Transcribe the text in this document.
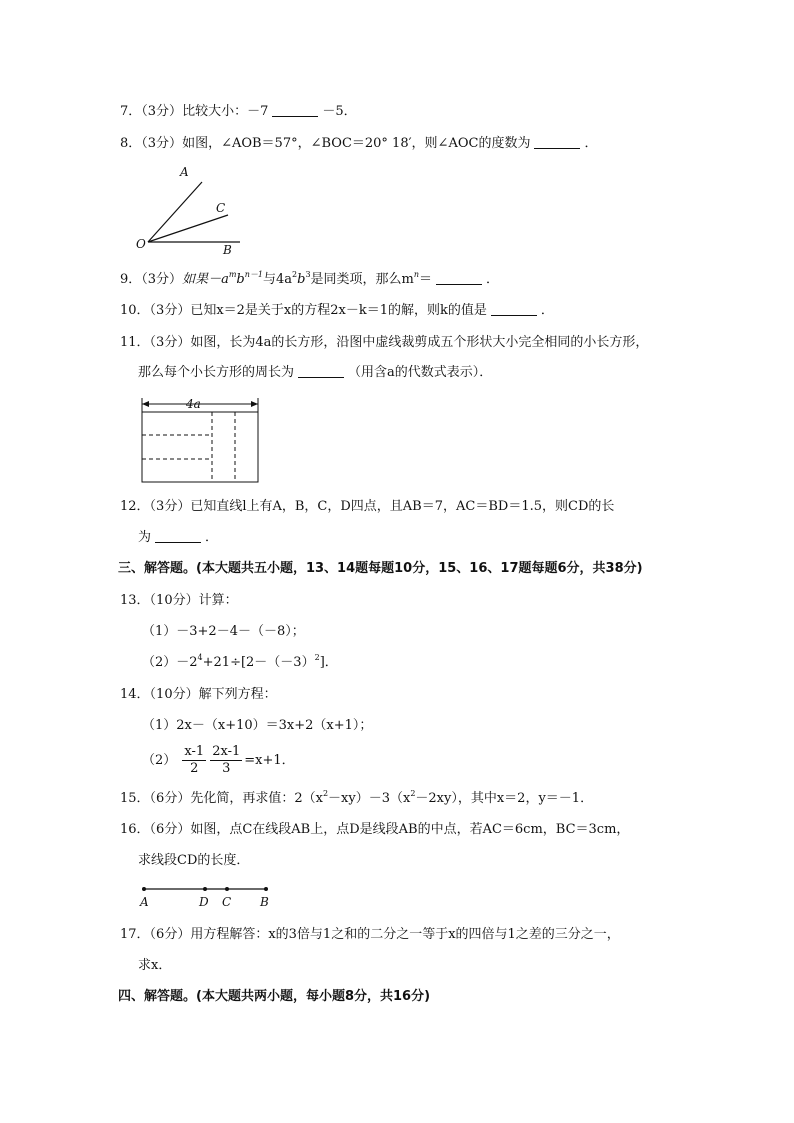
7．（3分）比较大小：－7	－5．
8．（3分）如图，∠AOB＝57°，∠BOC＝20° 18′，则∠AOC的度数为	．
A
C
O	B
9．（3分）如果$-a^mb^{n-1}$与$4a^2b^3$是同类项，那么$m^n=$	．
10．（3分）已知x＝2是关于x的方程2x－k＝1的解，则k的值是	．
11．（3分）如图，长为4a的长方形，沿图中虚线裁剪成五个形状大小完全相同的小长方形，
那么每个小长方形的周长为	（用含a的代数式表示）．
4a
12．（3分）已知直线l上有A，B，C，D四点，且AB＝7，AC＝BD＝1.5，则CD的长
为	．
三、解答题。(本大题共五小题，13、14题每题10分，15、16、17题每题6分，共38分)
13．（10分）计算：
（1）－3+2－4－（－8）；
$(2)-2^4+21\div[2-(-3)^2]$．
14．（10分）解下列方程：
（1）2x－（x+10）＝3x+2（x+1）；
$(2) \frac{x-1}{2} \frac{2x-1}{3} =x+1$．
15．（6分）先化简，再求值：$2(x^2-xy)-3(x^2-2xy)$，其中x＝2，y＝－1．
16．（6分）如图，点C在线段AB上，点D是线段AB的中点，若AC＝6cm，BC＝3cm，
求线段CD的长度．
A	D C B
17．（6分）用方程解答：x的3倍与1之和的二分之一等于x的四倍与1之差的三分之一，
求x．
四、解答题。(本大题共两小题，每小题8分，共16分)
